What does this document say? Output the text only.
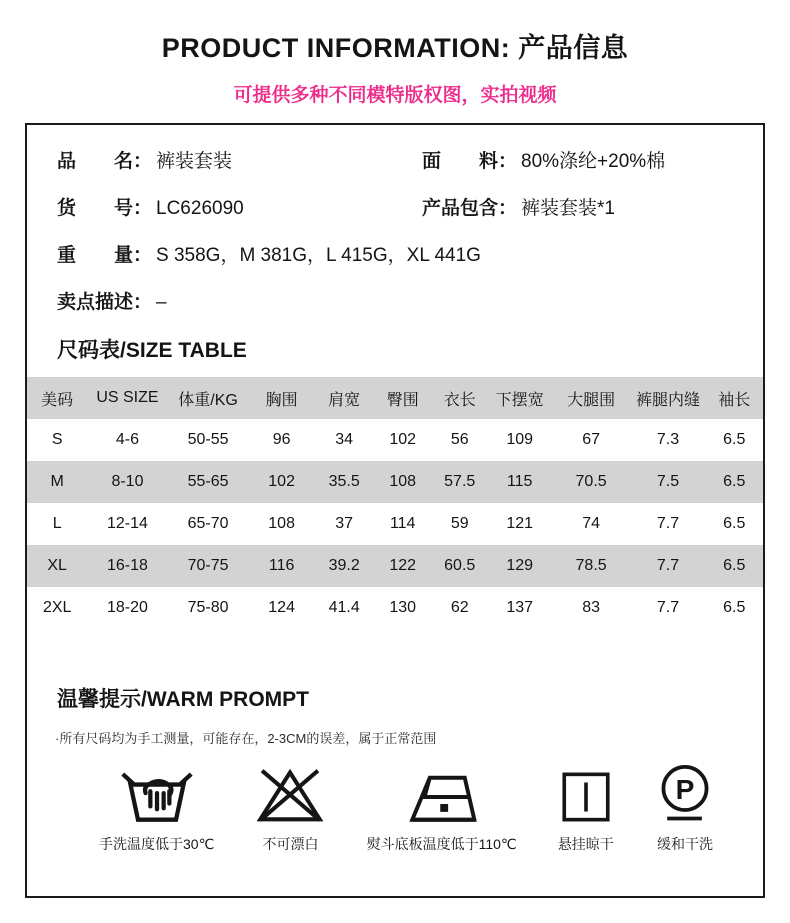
PRODUCT INFORMATION: 产品信息
可提供多种不同模特版权图，实拍视频
品　　名： 裤装套装	面　　料： 80%涤纶+20%棉
货　　号： LC626090	产品包含： 裤装套装*1
重　　量： S 358G，M 381G，L 415G，XL 441G
卖点描述： –
尺码表/SIZE TABLE
美码	US SIZE	体重/KG	胸围	肩宽	臀围	衣长	下摆宽	大腿围	裤腿内缝	袖长
S	4-6	50-55	96	34	102	56	109	67	7.3	6.5
M	8-10	55-65	102	35.5	108	57.5	115	70.5	7.5	6.5
L	12-14	65-70	108	37	114	59	121	74	7.7	6.5
XL	16-18	70-75	116	39.2	122	60.5	129	78.5	7.7	6.5
2XL	18-20	75-80	124	41.4	130	62	137	83	7.7	6.5
温馨提示/WARM PROMPT
·所有尺码均为手工测量，可能存在，2-3CM的误差，属于正常范围
手洗温度低于30℃	不可漂白	熨斗底板温度低于110℃	悬挂晾干
P
缓和干洗
